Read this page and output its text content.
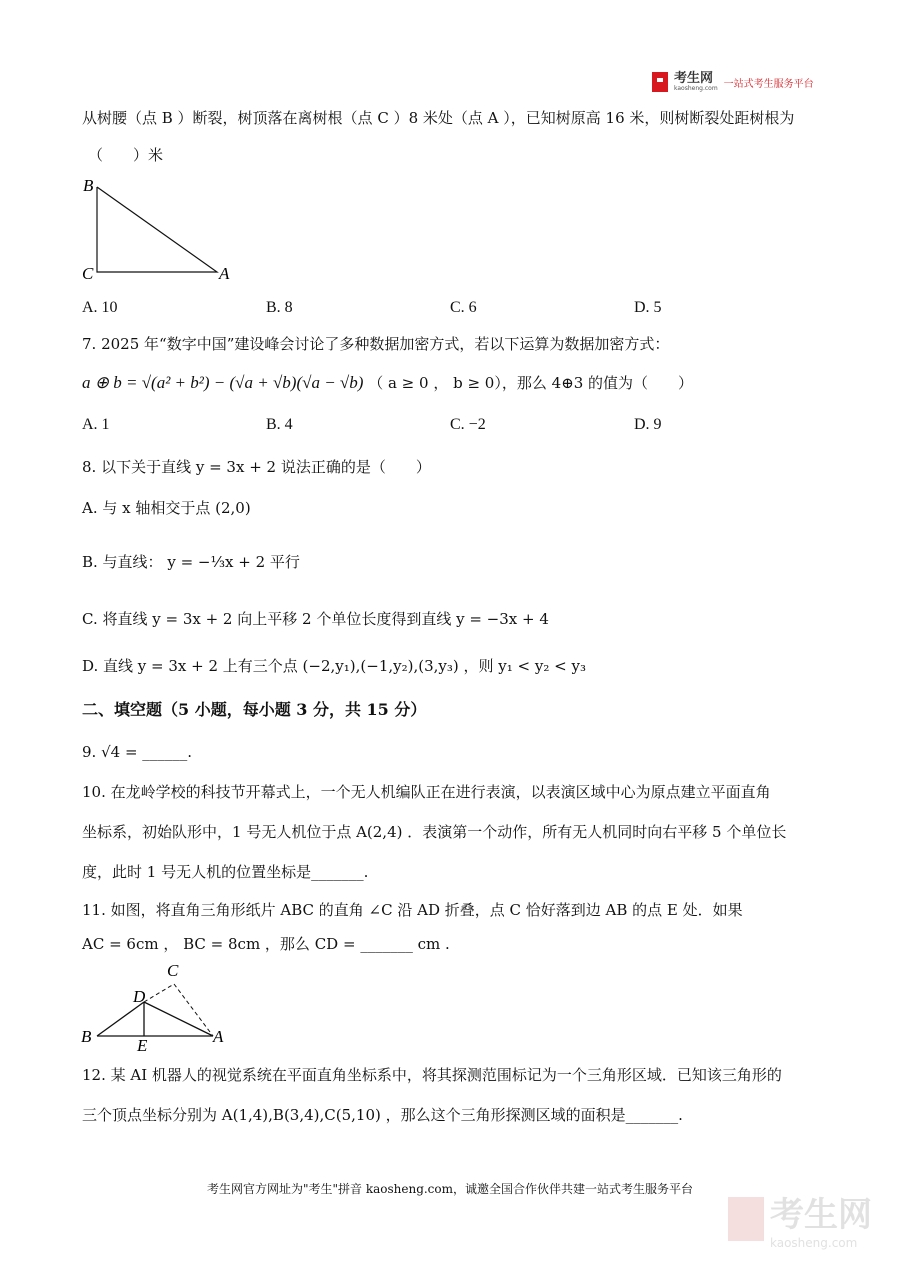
考生网
kaosheng.com 一站式考生服务平台
从树腰（点 B ）断裂，树顶落在离树根（点 C ）8 米处（点 A ），已知树原高 16 米，则树断裂处距树根为
（　　）米
B
C	A
A. 10	B. 8	C. 6	D. 5
7. 2025 年“数字中国”建设峰会讨论了多种数据加密方式，若以下运算为数据加密方式：
a ⊕ b = √(a² + b²) − (√a + √b)(√a − √b) （ a ≥ 0 ， b ≥ 0），那么 4⊕3 的值为（　　）
A. 1	B. 4	C. −2	D. 9
8. 以下关于直线 y = 3x + 2 说法正确的是（　　）
A. 与 x 轴相交于点 (2,0)
B. 与直线： y = −⅓x + 2 平行
C. 将直线 y = 3x + 2 向上平移 2 个单位长度得到直线 y = −3x + 4
D. 直线 y = 3x + 2 上有三个点 (−2,y₁),(−1,y₂),(3,y₃) ，则 y₁ < y₂ < y₃
二、填空题（5 小题，每小题 3 分，共 15 分）
9. √4 = ______.
10. 在龙岭学校的科技节开幕式上，一个无人机编队正在进行表演，以表演区域中心为原点建立平面直角
坐标系，初始队形中，1 号无人机位于点 A(2,4) ．表演第一个动作，所有无人机同时向右平移 5 个单位长
度，此时 1 号无人机的位置坐标是_______.
11. 如图，将直角三角形纸片 ABC 的直角 ∠C 沿 AD 折叠，点 C 恰好落到边 AB 的点 E 处．如果
AC = 6cm ， BC = 8cm ，那么 CD = _______ cm .
C
D
B	E	A
12. 某 AI 机器人的视觉系统在平面直角坐标系中，将其探测范围标记为一个三角形区域．已知该三角形的
三个顶点坐标分别为 A(1,4),B(3,4),C(5,10) ，那么这个三角形探测区域的面积是_______.
考生网官方网址为"考生"拼音 kaosheng.com，诚邀全国合作伙伴共建一站式考生服务平台
考生网
kaosheng.com
